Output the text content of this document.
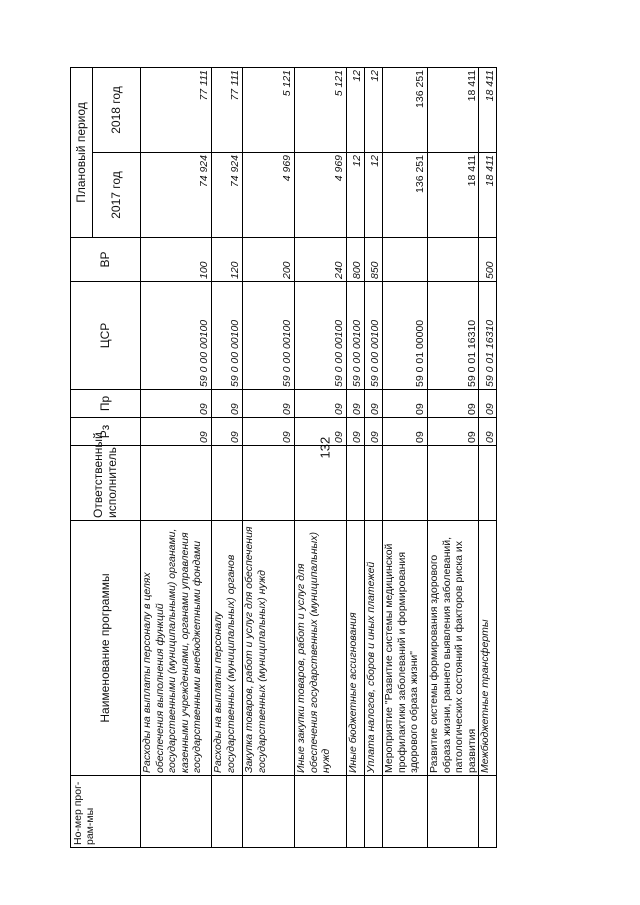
132
Но-мер прог-рам-мы	Наименование программы	Ответственный исполнитель	Рз	Пр	ЦСР	ВР	Плановый период	
							2017 год	2018 год
	Расходы на выплаты персоналу в целях обеспечения выполнения функций государственными (муниципальными) органами, казенными учреждениями, органами управления государственными внебюджетными фондами		09	09	59 0 00 00100	100	74 924	77 111
	Расходы на выплаты персоналу государственных (муниципальных) органов		09	09	59 0 00 00100	120	74 924	77 111
	Закупка товаров, работ и услуг для обеспечения государственных (муниципальных) нужд		09	09	59 0 00 00100	200	4 969	5 121
	Иные закупки товаров, работ и услуг для обеспечения государственных (муниципальных) нужд		09	09	59 0 00 00100	240	4 969	5 121
	Иные бюджетные ассигнования		09	09	59 0 00 00100	800	12	12
	Уплата налогов, сборов и иных платежей		09	09	59 0 00 00100	850	12	12
	Мероприятие "Развитие системы медицинской профилактики заболеваний и формирования здорового образа жизни"		09	09	59 0 01 00000		136 251	136 251
	Развитие системы формирования здорового образа жизни, раннего выявления заболеваний, патологических состояний и факторов риска их развития		09	09	59 0 01 16310		18 411	18 411
	Межбюджетные трансферты		09	09	59 0 01 16310	500	18 411	18 411
